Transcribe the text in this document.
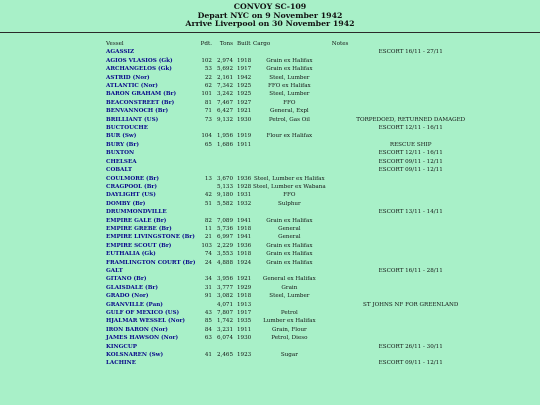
CONVOY SC-109
Depart NYC on 9 November 1942
Arrive Liverpool on 30 November 1942
Vessel	Pdt.	Tons	Built	Cargo	Notes
AGASSIZ					ESCORT 16/11 - 27/11
AGIOS VLASIOS (Gk)	102	2,974	1918	Grain ex Halifax	
ARCHANGELOS (Gk)	53	5,692	1917	Grain ex Halifax	
ASTRID (Nor)	22	2,161	1942	Steel, Lumber	
ATLANTIC (Nor)	62	7,342	1925	FFO ex Halifax	
BARON GRAHAM (Br)	101	3,242	1925	Steel, Lumber	
BEACONSTREET (Br)	81	7,467	1927	FFO	
BENVANNOCH (Br)	71	6,427	1921	General, Expl	
BRILLIANT (US)	73	9,132	1930	Petrol, Gas Oil	TORPEDOED, RETURNED DAMAGED
BUCTOUCHE					ESCORT 12/11 - 16/11
BUR (Sw)	104	1,956	1919	Flour ex Halifax	
BURY (Br)	65	1,686	1911		RESCUE SHIP
BUXTON					ESCORT 12/11 - 16/11
CHELSEA					ESCORT 09/11 - 12/11
COBALT					ESCORT 09/11 - 12/11
COULMORE (Br)	13	3,670	1936	Steel, Lumber ex Halifax	
CRAGPOOL (Br)		5,133	1928	Steel, Lumber ex Wabana	
DAYLIGHT (US)	42	9,180	1931	FFO	
DOMBY (Br)	51	5,582	1932	Sulphur	
DRUMMONDVILLE					ESCORT 13/11 - 14/11
EMPIRE GALE (Br)	82	7,089	1941	Grain ex Halifax	
EMPIRE GREBE (Br)	11	5,736	1918	General	
EMPIRE LIVINGSTONE (Br)	21	6,997	1941	General	
EMPIRE SCOUT (Br)	103	2,229	1936	Grain ex Halifax	
EUTHALIA (Gk)	74	3,553	1918	Grain ex Halifax	
FRAMLINGTON COURT (Br)	24	4,888	1924	Grain ex Halifax	
GALT					ESCORT 16/11 - 28/11
GITANO (Br)	34	3,956	1921	General ex Halifax	
GLAISDALE (Br)	31	3,777	1929	Grain	
GRADO (Nor)	91	3,082	1918	Steel, Lumber	
GRANVILLE (Pan)		4,071	1913		ST JOHNS NF FOR GREENLAND
GULF OF MEXICO (US)	43	7,807	1917	Petrol	
HJALMAR WESSEL (Nor)	85	1,742	1935	Lumber ex Halifax	
IRON BARON (Nor)	84	3,231	1911	Grain, Flour	
JAMES HAWSON (Nor)	63	6,074	1930	Petrol, Dieso	
KINGCUP					ESCORT 26/11 - 30/11
KOLSNAREN (Sw)	41	2,465	1923	Sugar	
LACHINE					ESCORT 09/11 - 12/11
